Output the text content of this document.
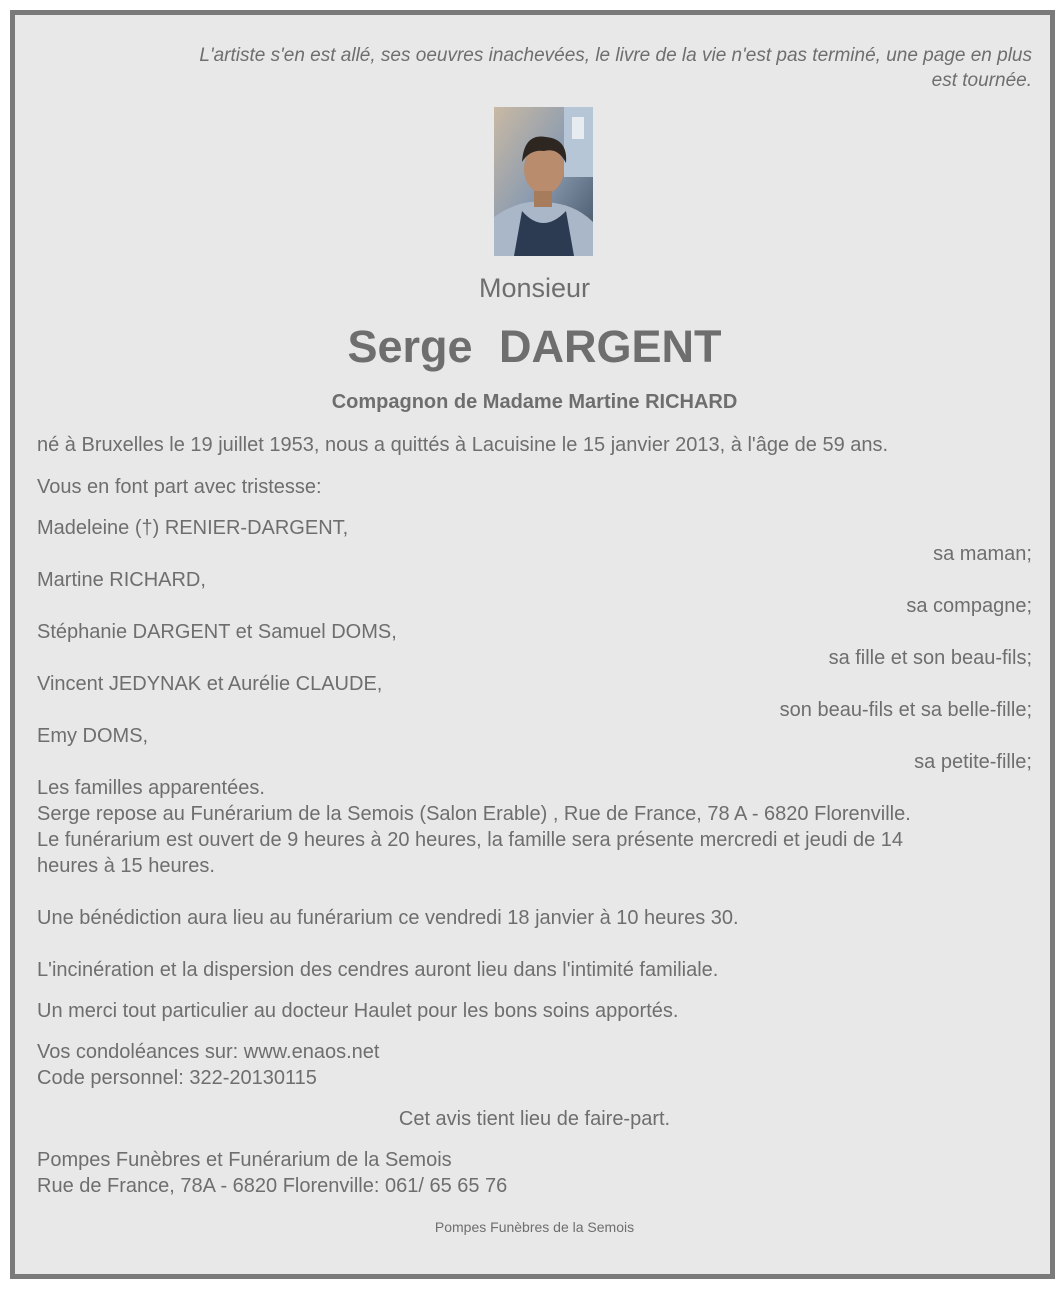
L'artiste s'en est allé, ses oeuvres inachevées, le livre de la vie n'est pas terminé, une page en plus
est tournée.
Monsieur
Serge DARGENT
Compagnon de Madame Martine RICHARD
né à Bruxelles le 19 juillet 1953, nous a quittés à Lacuisine le 15 janvier 2013, à l'âge de 59 ans.
Vous en font part avec tristesse:
Madeleine (†) RENIER-DARGENT,
sa maman;
Martine RICHARD,
sa compagne;
Stéphanie DARGENT et Samuel DOMS,
sa fille et son beau-fils;
Vincent JEDYNAK et Aurélie CLAUDE,
son beau-fils et sa belle-fille;
Emy DOMS,
sa petite-fille;
Les familles apparentées.
Serge repose au Funérarium de la Semois (Salon Erable) , Rue de France, 78 A - 6820 Florenville.
Le funérarium est ouvert de 9 heures à 20 heures, la famille sera présente mercredi et jeudi de 14
heures à 15 heures.
Une bénédiction aura lieu au funérarium ce vendredi 18 janvier à 10 heures 30.
L'incinération et la dispersion des cendres auront lieu dans l'intimité familiale.
Un merci tout particulier au docteur Haulet pour les bons soins apportés.
Vos condoléances sur: www.enaos.net
Code personnel: 322-20130115
Cet avis tient lieu de faire-part.
Pompes Funèbres et Funérarium de la Semois
Rue de France, 78A - 6820 Florenville: 061/ 65 65 76
Pompes Funèbres de la Semois
